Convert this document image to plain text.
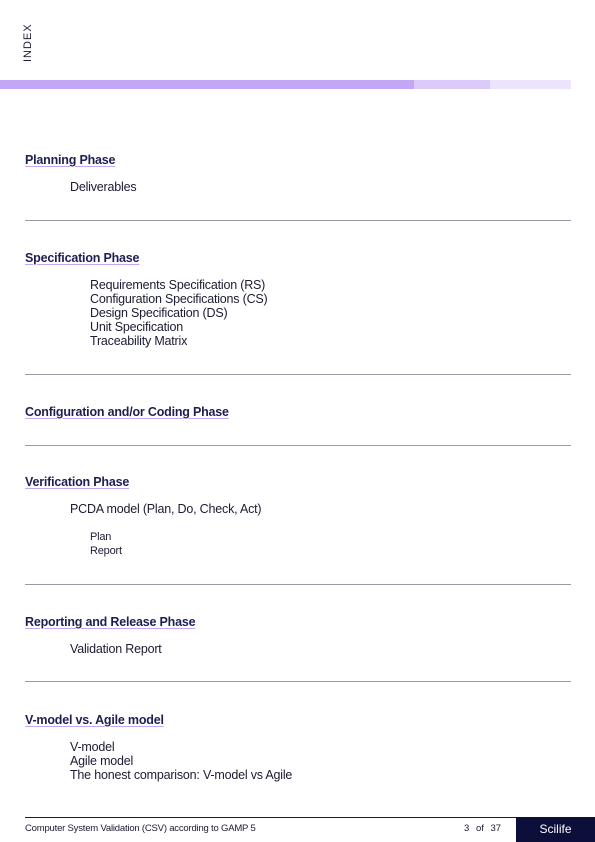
INDEX
Planning Phase
Deliverables
Specification Phase
Requirements Specification (RS)
Configuration Specifications (CS)
Design Specification (DS)
Unit Specification
Traceability Matrix
Configuration and/or Coding Phase
Verification Phase
PCDA model (Plan, Do, Check, Act)
Plan
Report
Reporting and Release Phase
Validation Report
V-model vs. Agile model
V-model
Agile model
The honest comparison: V-model vs Agile
Computer System Validation (CSV) according to GAMP 5	3 of 37	Scilife
